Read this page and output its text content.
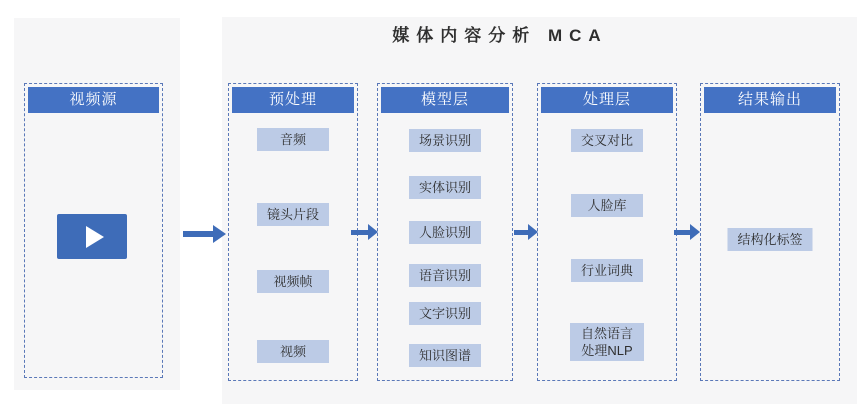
媒体内容分析 MCA
视频源	预处理
音频
镜头片段
视频帧
视频
模型层
场景识别
实体识别
人脸识别
语音识别
文字识别
知识图谱
处理层
交叉对比
人脸库
行业词典
自然语言处理NLP
结果输出
结构化标签
